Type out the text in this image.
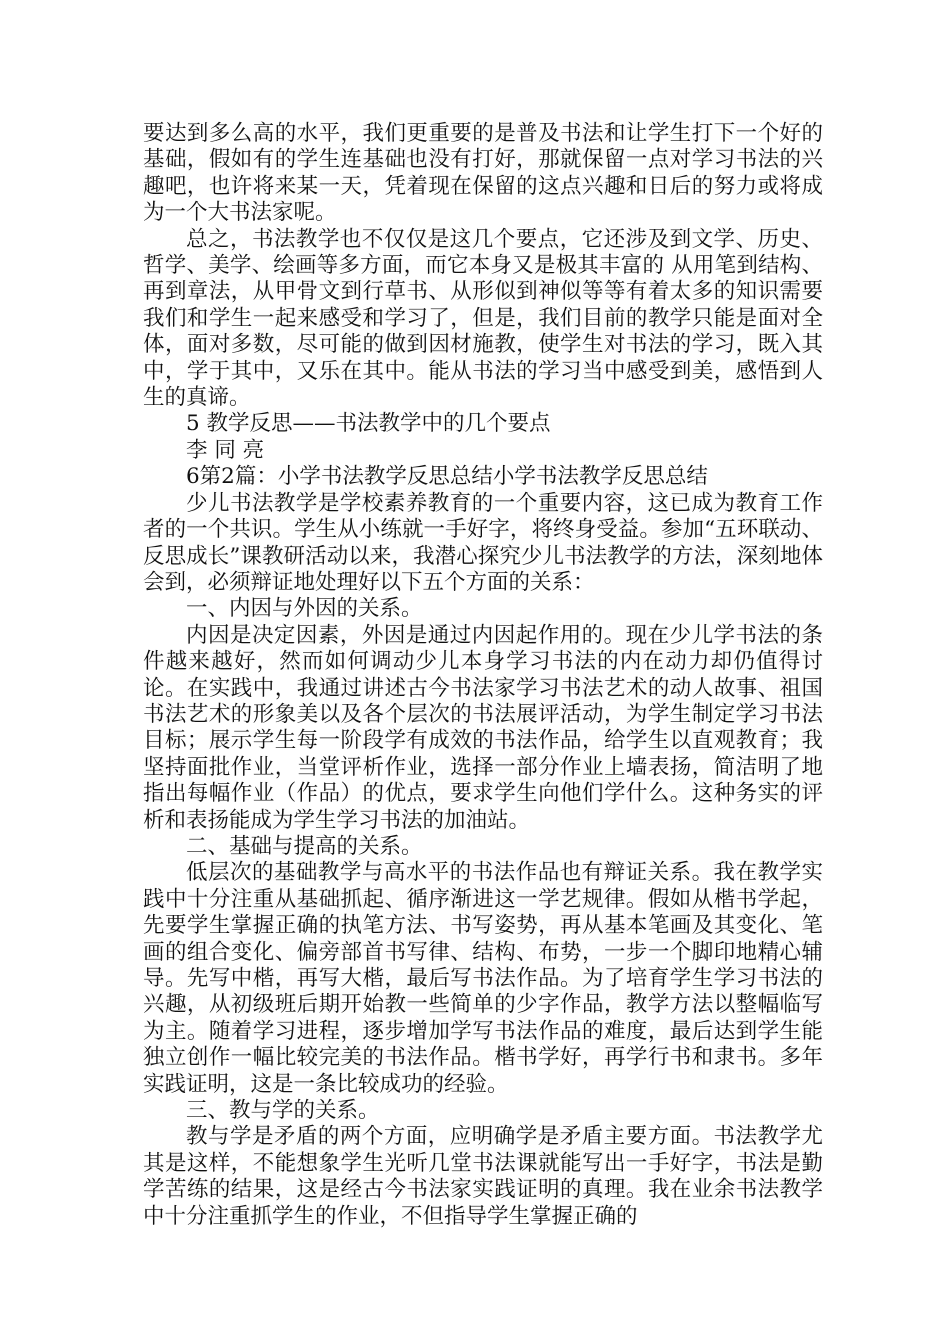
要达到多么高的水平，我们更重要的是普及书法和让学生打下一个好的基础，假如有的学生连基础也没有打好，那就保留一点对学习书法的兴趣吧，也许将来某一天，凭着现在保留的这点兴趣和日后的努力或将成为一个大书法家呢。

总之，书法教学也不仅仅是这几个要点，它还涉及到文学、历史、哲学、美学、绘画等多方面，而它本身又是极其丰富的 从用笔到结构、再到章法，从甲骨文到行草书、从形似到神似等等有着太多的知识需要我们和学生一起来感受和学习了，但是，我们目前的教学只能是面对全体，面对多数，尽可能的做到因材施教，使学生对书法的学习，既入其中，学于其中，又乐在其中。能从书法的学习当中感受到美，感悟到人生的真谛。

5 教学反思——书法教学中的几个要点

李 同 亮

6第2篇：小学书法教学反思总结小学书法教学反思总结

少儿书法教学是学校素养教育的一个重要内容，这已成为教育工作者的一个共识。学生从小练就一手好字，将终身受益。参加“五环联动、反思成长”课教研活动以来，我潜心探究少儿书法教学的方法，深刻地体会到，必须辩证地处理好以下五个方面的关系：

一、内因与外因的关系。

内因是决定因素，外因是通过内因起作用的。现在少儿学书法的条件越来越好，然而如何调动少儿本身学习书法的内在动力却仍值得讨论。在实践中，我通过讲述古今书法家学习书法艺术的动人故事、祖国书法艺术的形象美以及各个层次的书法展评活动，为学生制定学习书法目标；展示学生每一阶段学有成效的书法作品，给学生以直观教育；我坚持面批作业，当堂评析作业，选择一部分作业上墙表扬，简洁明了地指出每幅作业（作品）的优点，要求学生向他们学什么。这种务实的评析和表扬能成为学生学习书法的加油站。

二、基础与提高的关系。

低层次的基础教学与高水平的书法作品也有辩证关系。我在教学实践中十分注重从基础抓起、循序渐进这一学艺规律。假如从楷书学起，先要学生掌握正确的执笔方法、书写姿势，再从基本笔画及其变化、笔画的组合变化、偏旁部首书写律、结构、布势，一步一个脚印地精心辅导。先写中楷，再写大楷，最后写书法作品。为了培育学生学习书法的兴趣，从初级班后期开始教一些简单的少字作品，教学方法以整幅临写为主。随着学习进程，逐步增加学写书法作品的难度，最后达到学生能独立创作一幅比较完美的书法作品。楷书学好，再学行书和隶书。多年实践证明，这是一条比较成功的经验。

三、教与学的关系。

教与学是矛盾的两个方面，应明确学是矛盾主要方面。书法教学尤其是这样，不能想象学生光听几堂书法课就能写出一手好字，书法是勤学苦练的结果，这是经古今书法家实践证明的真理。我在业余书法教学中十分注重抓学生的作业，不但指导学生掌握正确的
